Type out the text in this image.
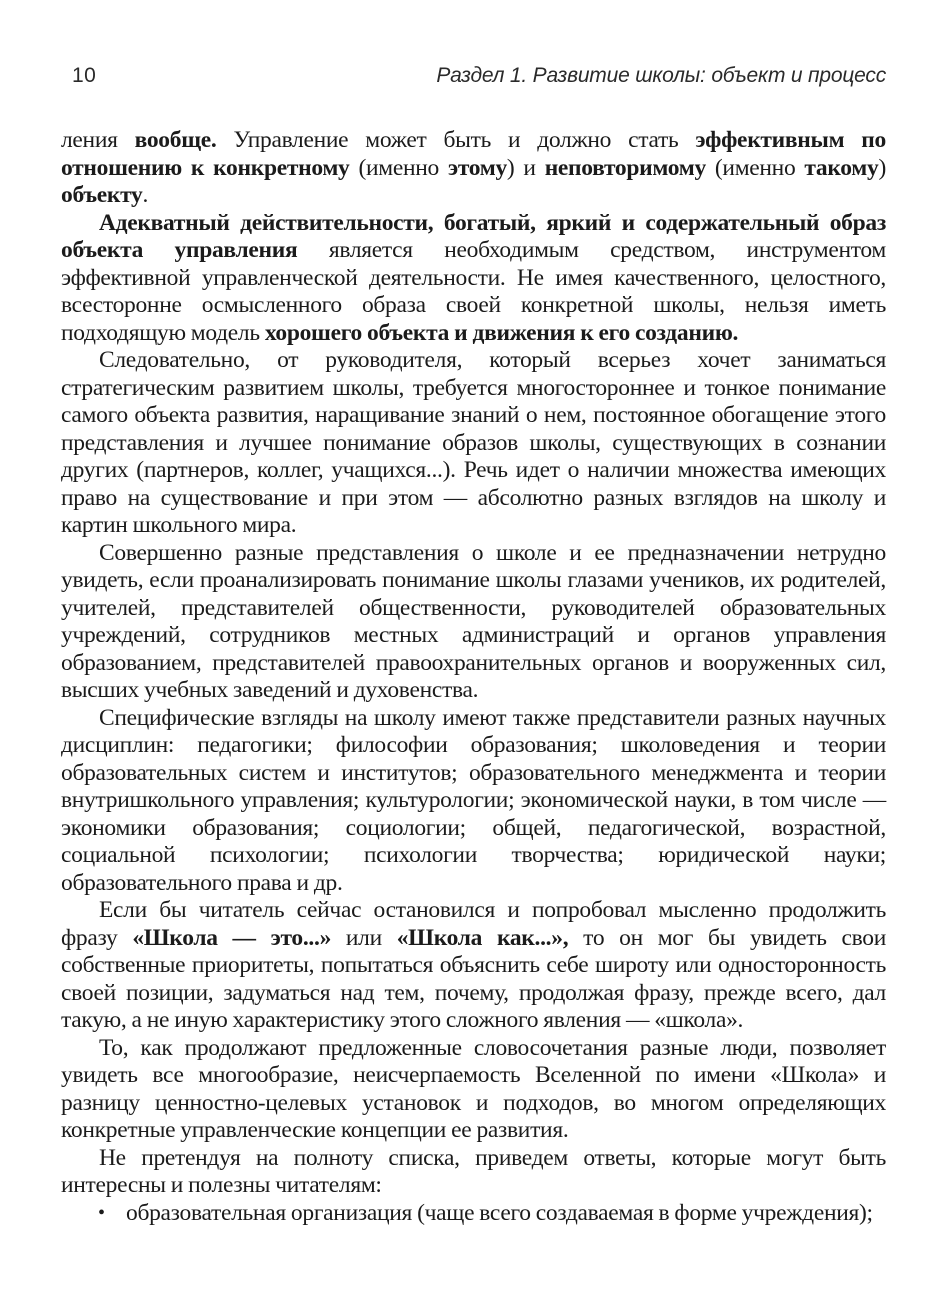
10	Раздел 1. Развитие школы: объект и процесс

ления вообще. Управление может быть и должно стать эффективным по отношению к конкретному (именно этому) и неповторимому (именно такому) объекту.

Адекватный действительности, богатый, яркий и содержательный образ объекта управления является необходимым средством, инструментом эффективной управленческой деятельности. Не имея качественного, целостного, всесторонне осмысленного образа своей конкретной школы, нельзя иметь подходящую модель хорошего объекта и движения к его созданию.

Следовательно, от руководителя, который всерьез хочет заниматься стратегическим развитием школы, требуется многостороннее и тонкое понимание самого объекта развития, наращивание знаний о нем, постоянное обогащение этого представления и лучшее понимание образов школы, существующих в сознании других (партнеров, коллег, учащихся...). Речь идет о наличии множества имеющих право на существование и при этом — абсолютно разных взглядов на школу и картин школьного мира.

Совершенно разные представления о школе и ее предназначении нетрудно увидеть, если проанализировать понимание школы глазами учеников, их родителей, учителей, представителей общественности, руководителей образовательных учреждений, сотрудников местных администраций и органов управления образованием, представителей правоохранительных органов и вооруженных сил, высших учебных заведений и духовенства.

Специфические взгляды на школу имеют также представители разных научных дисциплин: педагогики; философии образования; школоведения и теории образовательных систем и институтов; образовательного менеджмента и теории внутришкольного управления; культурологии; экономической науки, в том числе — экономики образования; социологии; общей, педагогической, возрастной, социальной психологии; психологии творчества; юридической науки; образовательного права и др.

Если бы читатель сейчас остановился и попробовал мысленно продолжить фразу «Школа — это...» или «Школа как...», то он мог бы увидеть свои собственные приоритеты, попытаться объяснить себе широту или односторонность своей позиции, задуматься над тем, почему, продолжая фразу, прежде всего, дал такую, а не иную характеристику этого сложного явления — «школа».

То, как продолжают предложенные словосочетания разные люди, позволяет увидеть все многообразие, неисчерпаемость Вселенной по имени «Школа» и разницу ценностно-целевых установок и подходов, во многом определяющих конкретные управленческие концепции ее развития.

Не претендуя на полноту списка, приведем ответы, которые могут быть интересны и полезны читателям:

• образовательная организация (чаще всего создаваемая в форме учреждения);
